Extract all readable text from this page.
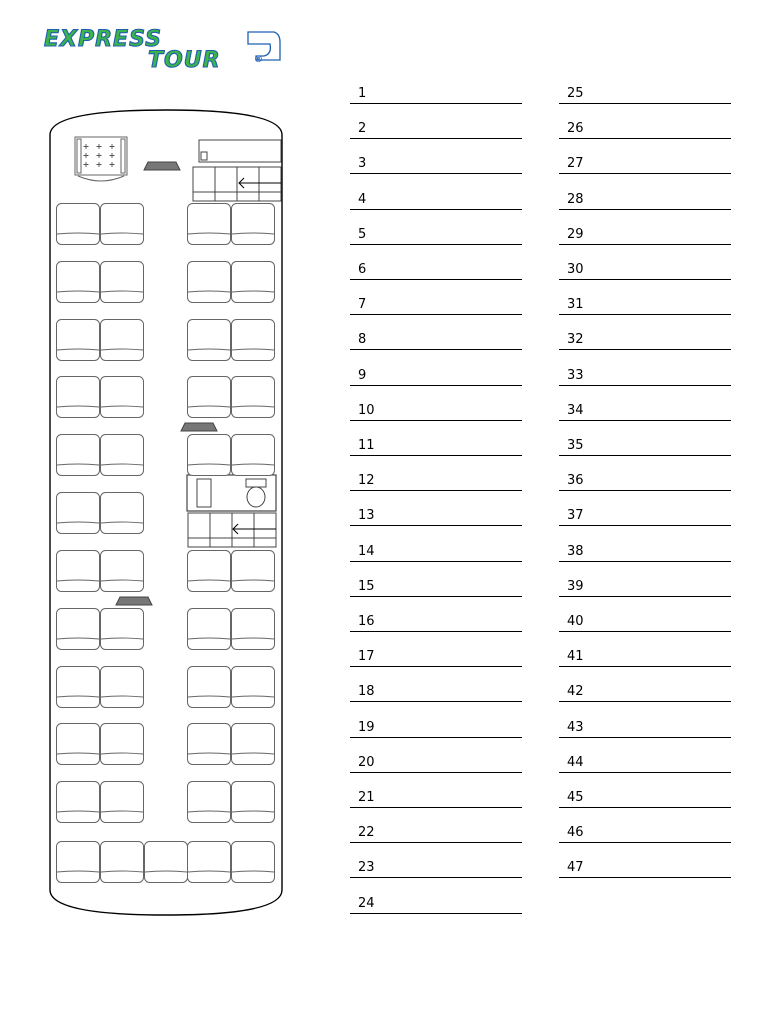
EXPRESS
TOUR	®
1
2
3
4
5
6
7
8
9
10
11
12
13
14
15
16
17
18
19
20
21
22
23
24
25
26
27
28
29
30
31
32
33
34
35
36
37
38
39
40
41
42
43
44
45
46
47
